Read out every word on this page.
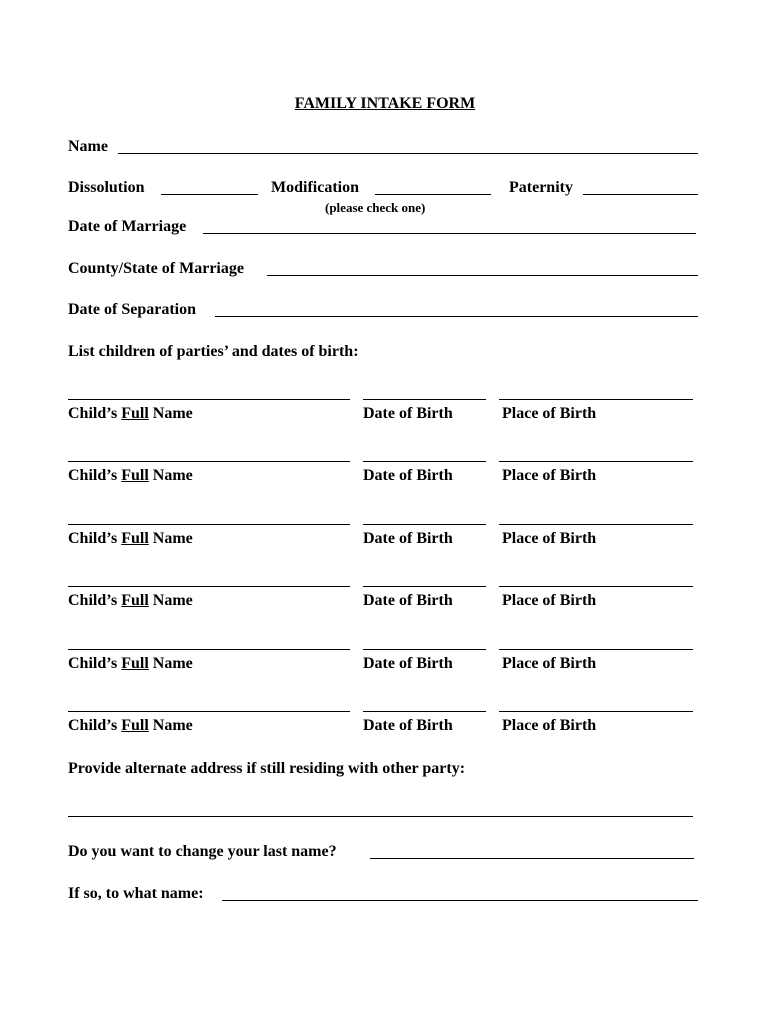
FAMILY INTAKE FORM
Name
Dissolution	Modification	Paternity
(please check one)
Date of Marriage
County/State of Marriage
Date of Separation
List children of parties’ and dates of birth:
Child’s Full Name	Date of Birth	Place of Birth
Child’s Full Name	Date of Birth	Place of Birth
Child’s Full Name	Date of Birth	Place of Birth
Child’s Full Name	Date of Birth	Place of Birth
Child’s Full Name	Date of Birth	Place of Birth
Child’s Full Name	Date of Birth	Place of Birth
Provide alternate address if still residing with other party:
Do you want to change your last name?
If so, to what name:
